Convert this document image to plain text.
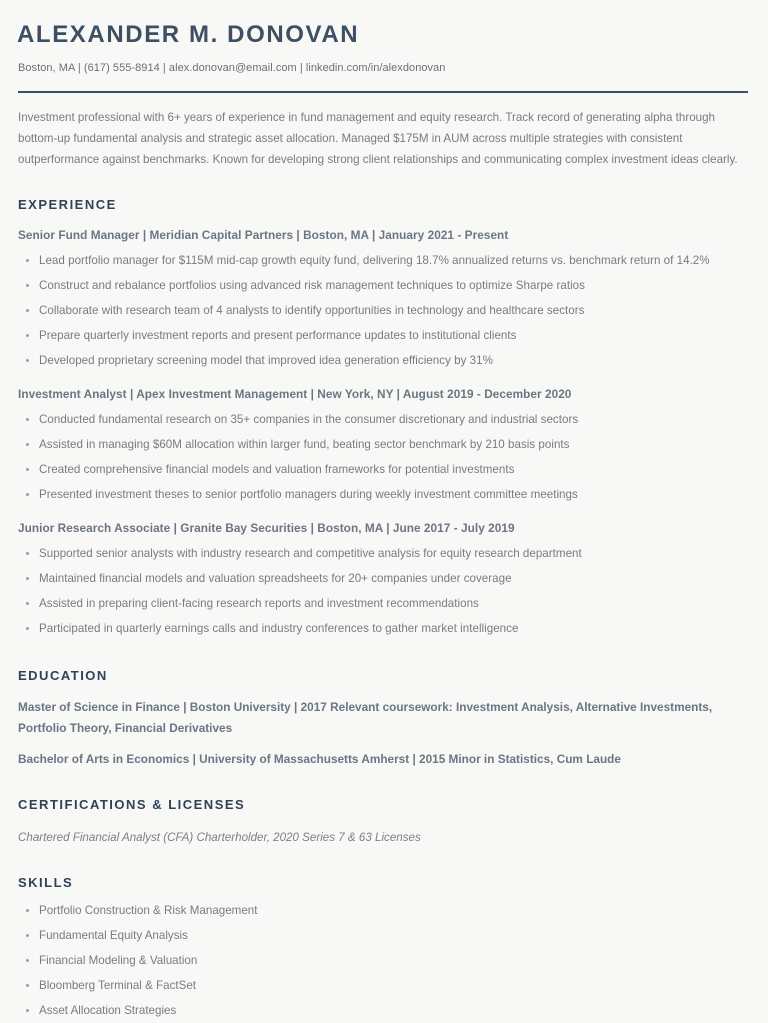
ALEXANDER M. DONOVAN
Boston, MA | (617) 555-8914 | alex.donovan@email.com | linkedin.com/in/alexdonovan
Investment professional with 6+ years of experience in fund management and equity research. Track record of generating alpha through bottom-up fundamental analysis and strategic asset allocation. Managed $175M in AUM across multiple strategies with consistent outperformance against benchmarks. Known for developing strong client relationships and communicating complex investment ideas clearly.
EXPERIENCE
Senior Fund Manager | Meridian Capital Partners | Boston, MA | January 2021 - Present
Lead portfolio manager for $115M mid-cap growth equity fund, delivering 18.7% annualized returns vs. benchmark return of 14.2%
Construct and rebalance portfolios using advanced risk management techniques to optimize Sharpe ratios
Collaborate with research team of 4 analysts to identify opportunities in technology and healthcare sectors
Prepare quarterly investment reports and present performance updates to institutional clients
Developed proprietary screening model that improved idea generation efficiency by 31%
Investment Analyst | Apex Investment Management | New York, NY | August 2019 - December 2020
Conducted fundamental research on 35+ companies in the consumer discretionary and industrial sectors
Assisted in managing $60M allocation within larger fund, beating sector benchmark by 210 basis points
Created comprehensive financial models and valuation frameworks for potential investments
Presented investment theses to senior portfolio managers during weekly investment committee meetings
Junior Research Associate | Granite Bay Securities | Boston, MA | June 2017 - July 2019
Supported senior analysts with industry research and competitive analysis for equity research department
Maintained financial models and valuation spreadsheets for 20+ companies under coverage
Assisted in preparing client-facing research reports and investment recommendations
Participated in quarterly earnings calls and industry conferences to gather market intelligence
EDUCATION
Master of Science in Finance | Boston University | 2017 Relevant coursework: Investment Analysis, Alternative Investments, Portfolio Theory, Financial Derivatives
Bachelor of Arts in Economics | University of Massachusetts Amherst | 2015 Minor in Statistics, Cum Laude
CERTIFICATIONS & LICENSES
Chartered Financial Analyst (CFA) Charterholder, 2020 Series 7 & 63 Licenses
SKILLS
Portfolio Construction & Risk Management
Fundamental Equity Analysis
Financial Modeling & Valuation
Bloomberg Terminal & FactSet
Asset Allocation Strategies
